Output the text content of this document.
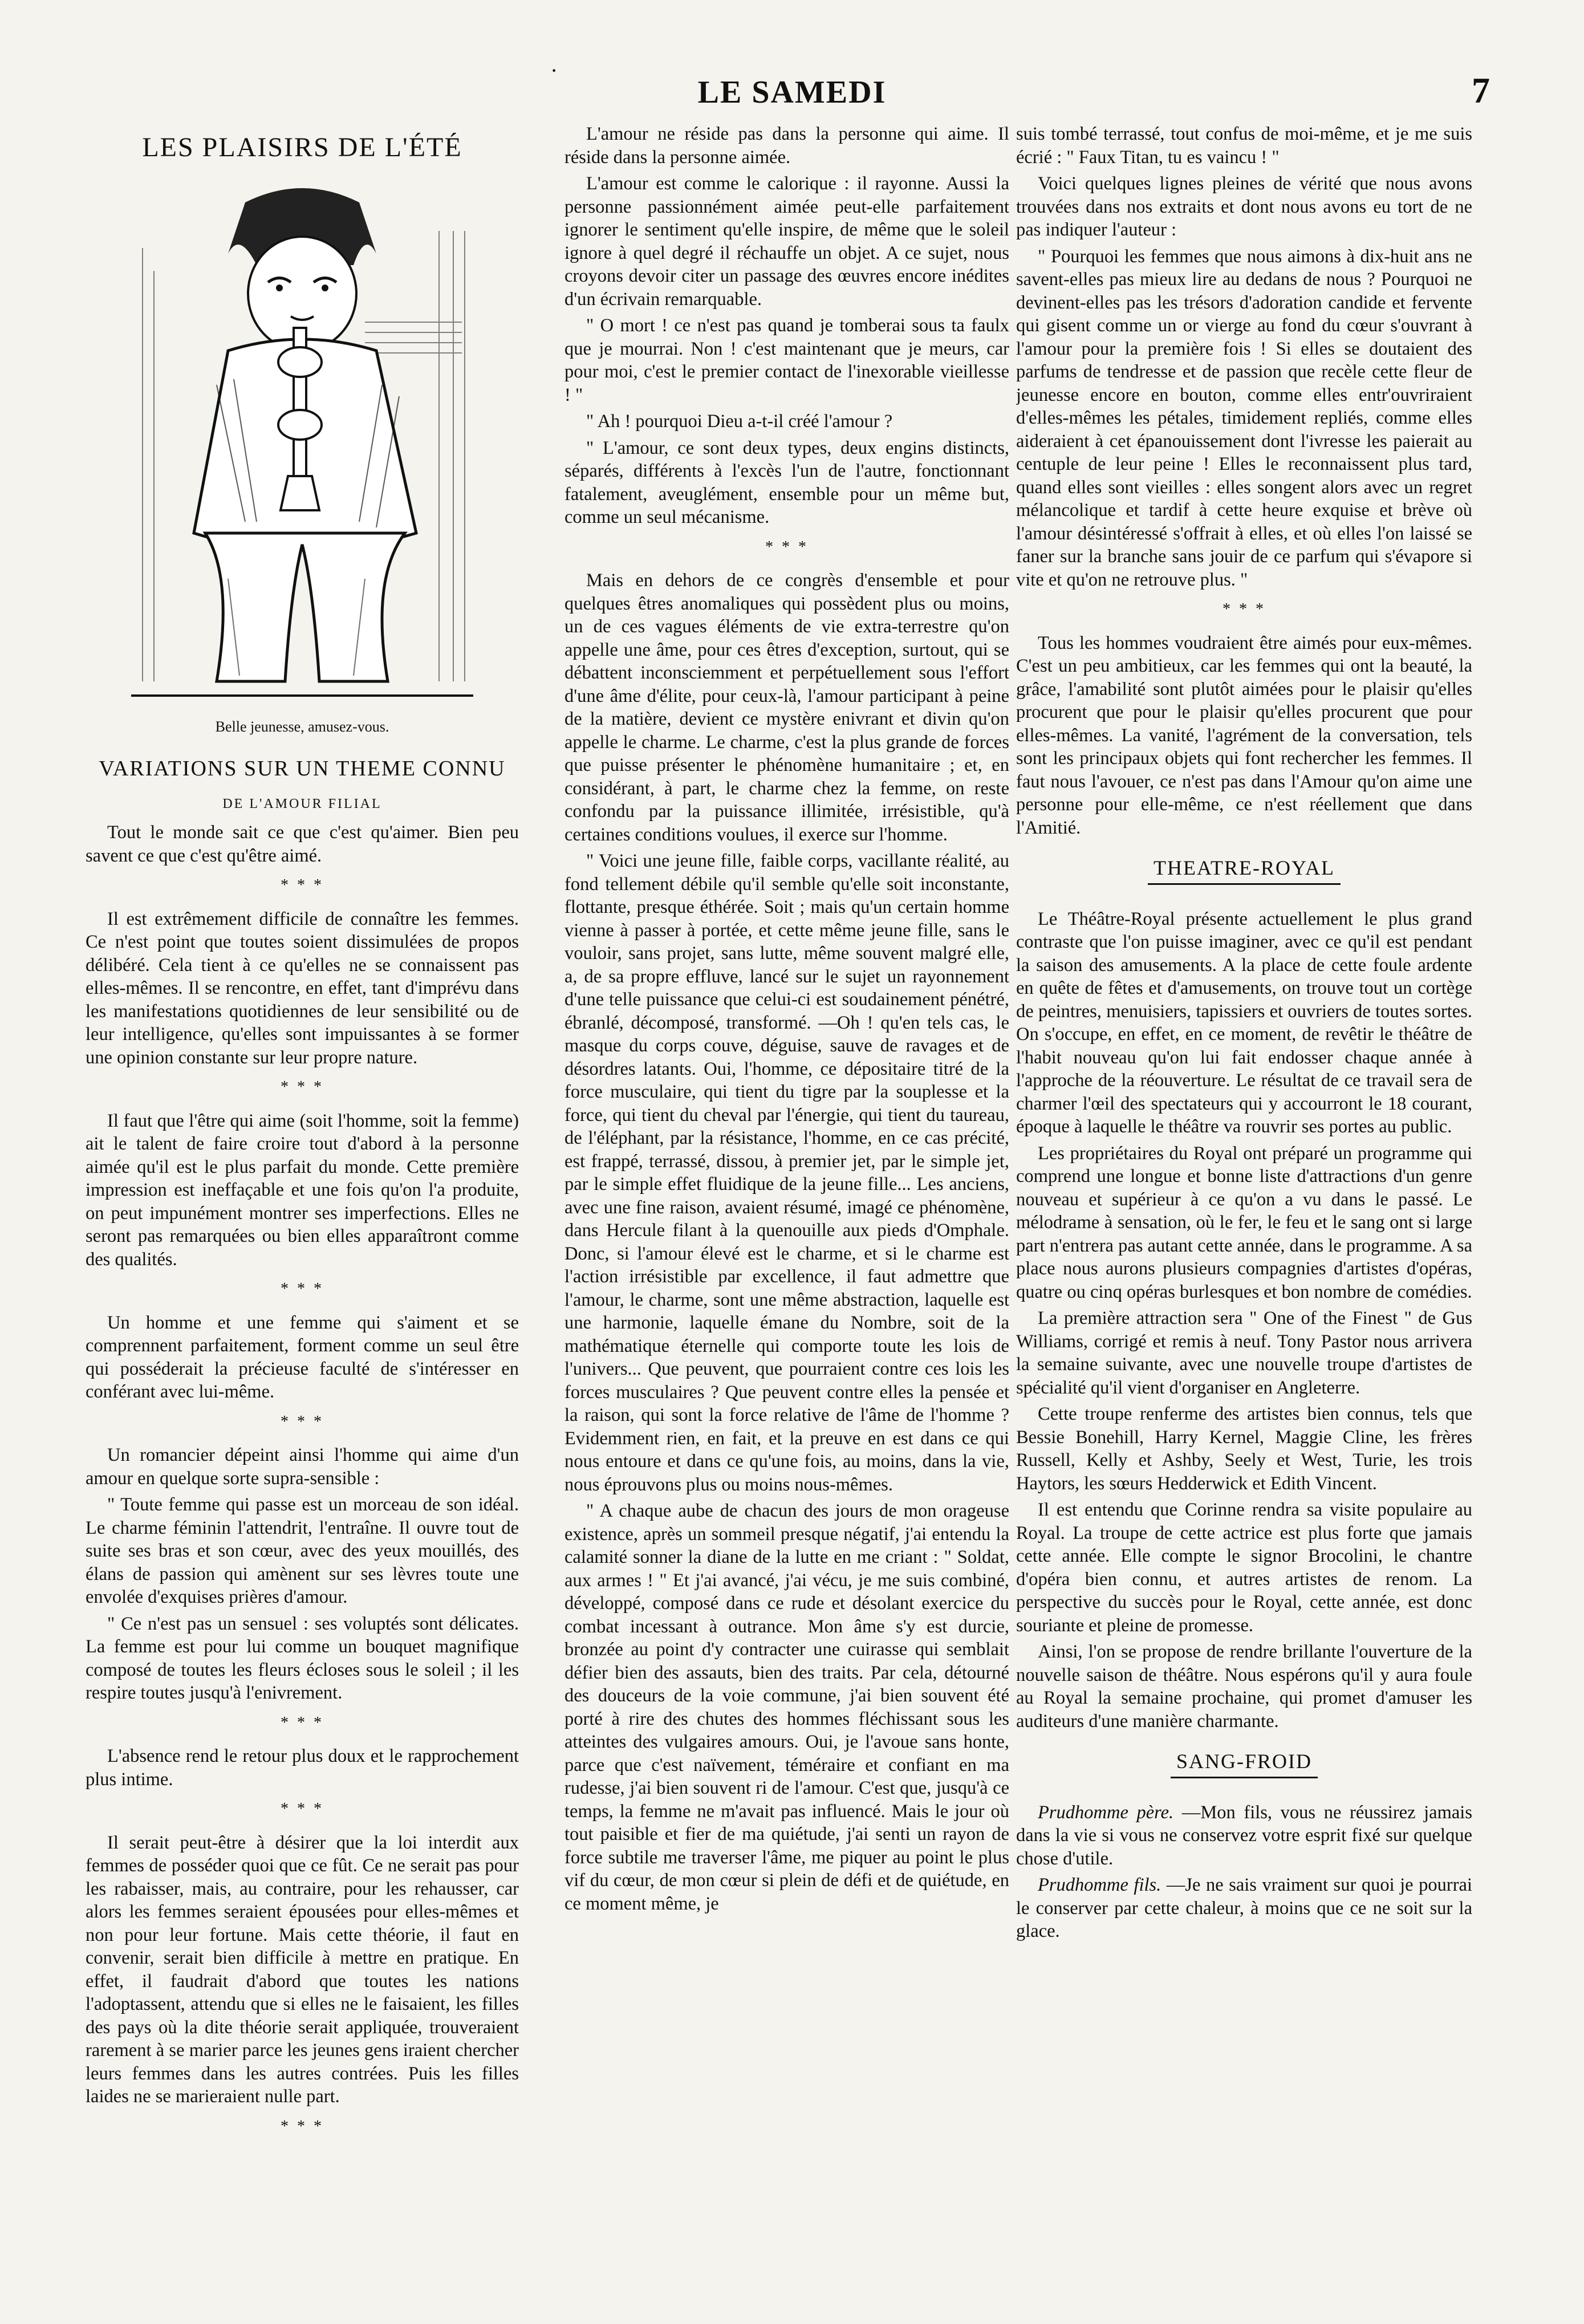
·
LE SAMEDI	7
LES PLAISIRS DE L'ÉTÉ
Belle jeunesse, amusez-vous.
VARIATIONS SUR UN THEME CONNU
DE L'AMOUR FILIAL

Tout le monde sait ce que c'est qu'aimer. Bien peu savent ce que c'est qu'être aimé.

* * *

Il est extrêmement difficile de connaître les femmes. Ce n'est point que toutes soient dissimulées de propos délibéré. Cela tient à ce qu'elles ne se connaissent pas elles-mêmes. Il se rencontre, en effet, tant d'imprévu dans les manifestations quotidiennes de leur sensibilité ou de leur intelligence, qu'elles sont impuissantes à se former une opinion constante sur leur propre nature.

* * *

Il faut que l'être qui aime (soit l'homme, soit la femme) ait le talent de faire croire tout d'abord à la personne aimée qu'il est le plus parfait du monde. Cette première impression est ineffaçable et une fois qu'on l'a produite, on peut impunément montrer ses imperfections. Elles ne seront pas remarquées ou bien elles apparaîtront comme des qualités.

* * *

Un homme et une femme qui s'aiment et se comprennent parfaitement, forment comme un seul être qui posséderait la précieuse faculté de s'intéresser en conférant avec lui-même.

* * *

Un romancier dépeint ainsi l'homme qui aime d'un amour en quelque sorte supra-sensible :

" Toute femme qui passe est un morceau de son idéal. Le charme féminin l'attendrit, l'entraîne. Il ouvre tout de suite ses bras et son cœur, avec des yeux mouillés, des élans de passion qui amènent sur ses lèvres toute une envolée d'exquises prières d'amour.

" Ce n'est pas un sensuel : ses voluptés sont délicates. La femme est pour lui comme un bouquet magnifique composé de toutes les fleurs écloses sous le soleil ; il les respire toutes jusqu'à l'enivrement.

* * *

L'absence rend le retour plus doux et le rapprochement plus intime.

* * *

Il serait peut-être à désirer que la loi interdit aux femmes de posséder quoi que ce fût. Ce ne serait pas pour les rabaisser, mais, au contraire, pour les rehausser, car alors les femmes seraient épousées pour elles-mêmes et non pour leur fortune. Mais cette théorie, il faut en convenir, serait bien difficile à mettre en pratique. En effet, il faudrait d'abord que toutes les nations l'adoptassent, attendu que si elles ne le faisaient, les filles des pays où la dite théorie serait appliquée, trouveraient rarement à se marier parce les jeunes gens iraient chercher leurs femmes dans les autres contrées. Puis les filles laides ne se marieraient nulle part.

* * *

L'amour ne réside pas dans la personne qui aime. Il réside dans la personne aimée.

L'amour est comme le calorique : il rayonne. Aussi la personne passionnément aimée peut-elle parfaitement ignorer le sentiment qu'elle inspire, de même que le soleil ignore à quel degré il réchauffe un objet. A ce sujet, nous croyons devoir citer un passage des œuvres encore inédites d'un écrivain remarquable.

" O mort ! ce n'est pas quand je tomberai sous ta faulx que je mourrai. Non ! c'est maintenant que je meurs, car pour moi, c'est le premier contact de l'inexorable vieillesse ! "

" Ah ! pourquoi Dieu a-t-il créé l'amour ?

" L'amour, ce sont deux types, deux engins distincts, séparés, différents à l'excès l'un de l'autre, fonctionnant fatalement, aveuglément, ensemble pour un même but, comme un seul mécanisme.

* * *

Mais en dehors de ce congrès d'ensemble et pour quelques êtres anomaliques qui possèdent plus ou moins, un de ces vagues éléments de vie extra-terrestre qu'on appelle une âme, pour ces êtres d'exception, surtout, qui se débattent inconsciemment et perpétuellement sous l'effort d'une âme d'élite, pour ceux-là, l'amour participant à peine de la matière, devient ce mystère enivrant et divin qu'on appelle le charme. Le charme, c'est la plus grande de forces que puisse présenter le phénomène humanitaire ; et, en considérant, à part, le charme chez la femme, on reste confondu par la puissance illimitée, irrésistible, qu'à certaines conditions voulues, il exerce sur l'homme.

" Voici une jeune fille, faible corps, vacillante réalité, au fond tellement débile qu'il semble qu'elle soit inconstante, flottante, presque éthérée. Soit ; mais qu'un certain homme vienne à passer à portée, et cette même jeune fille, sans le vouloir, sans projet, sans lutte, même souvent malgré elle, a, de sa propre effluve, lancé sur le sujet un rayonnement d'une telle puissance que celui-ci est soudainement pénétré, ébranlé, décomposé, transformé. —Oh ! qu'en tels cas, le masque du corps couve, déguise, sauve de ravages et de désordres latants. Oui, l'homme, ce dépositaire titré de la force musculaire, qui tient du tigre par la souplesse et la force, qui tient du cheval par l'énergie, qui tient du taureau, de l'éléphant, par la résistance, l'homme, en ce cas précité, est frappé, terrassé, dissou, à premier jet, par le simple jet, par le simple effet fluidique de la jeune fille... Les anciens, avec une fine raison, avaient résumé, imagé ce phénomène, dans Hercule filant à la quenouille aux pieds d'Omphale. Donc, si l'amour élevé est le charme, et si le charme est l'action irrésistible par excellence, il faut admettre que l'amour, le charme, sont une même abstraction, laquelle est une harmonie, laquelle émane du Nombre, soit de la mathématique éternelle qui comporte toute les lois de l'univers... Que peuvent, que pourraient contre ces lois les forces musculaires ? Que peuvent contre elles la pensée et la raison, qui sont la force relative de l'âme de l'homme ? Evidemment rien, en fait, et la preuve en est dans ce qui nous entoure et dans ce qu'une fois, au moins, dans la vie, nous éprouvons plus ou moins nous-mêmes.

" A chaque aube de chacun des jours de mon orageuse existence, après un sommeil presque négatif, j'ai entendu la calamité sonner la diane de la lutte en me criant : " Soldat, aux armes ! " Et j'ai avancé, j'ai vécu, je me suis combiné, développé, composé dans ce rude et désolant exercice du combat incessant à outrance. Mon âme s'y est durcie, bronzée au point d'y contracter une cuirasse qui semblait défier bien des assauts, bien des traits. Par cela, détourné des douceurs de la voie commune, j'ai bien souvent été porté à rire des chutes des hommes fléchissant sous les atteintes des vulgaires amours. Oui, je l'avoue sans honte, parce que c'est naïvement, téméraire et confiant en ma rudesse, j'ai bien souvent ri de l'amour. C'est que, jusqu'à ce temps, la femme ne m'avait pas influencé. Mais le jour où tout paisible et fier de ma quiétude, j'ai senti un rayon de force subtile me traverser l'âme, me piquer au point le plus vif du cœur, de mon cœur si plein de défi et de quiétude, en ce moment même, je

suis tombé terrassé, tout confus de moi-même, et je me suis écrié : " Faux Titan, tu es vaincu ! "

Voici quelques lignes pleines de vérité que nous avons trouvées dans nos extraits et dont nous avons eu tort de ne pas indiquer l'auteur :

" Pourquoi les femmes que nous aimons à dix-huit ans ne savent-elles pas mieux lire au dedans de nous ? Pourquoi ne devinent-elles pas les trésors d'adoration candide et fervente qui gisent comme un or vierge au fond du cœur s'ouvrant à l'amour pour la première fois ! Si elles se doutaient des parfums de tendresse et de passion que recèle cette fleur de jeunesse encore en bouton, comme elles entr'ouvriraient d'elles-mêmes les pétales, timidement repliés, comme elles aideraient à cet épanouissement dont l'ivresse les paierait au centuple de leur peine ! Elles le reconnaissent plus tard, quand elles sont vieilles : elles songent alors avec un regret mélancolique et tardif à cette heure exquise et brève où l'amour désintéressé s'offrait à elles, et où elles l'on laissé se faner sur la branche sans jouir de ce parfum qui s'évapore si vite et qu'on ne retrouve plus. "

* * *

Tous les hommes voudraient être aimés pour eux-mêmes. C'est un peu ambitieux, car les femmes qui ont la beauté, la grâce, l'amabilité sont plutôt aimées pour le plaisir qu'elles procurent que pour le plaisir qu'elles procurent que pour elles-mêmes. La vanité, l'agrément de la conversation, tels sont les principaux objets qui font rechercher les femmes. Il faut nous l'avouer, ce n'est pas dans l'Amour qu'on aime une personne pour elle-même, ce n'est réellement que dans l'Amitié.

THEATRE-ROYAL

Le Théâtre-Royal présente actuellement le plus grand contraste que l'on puisse imaginer, avec ce qu'il est pendant la saison des amusements. A la place de cette foule ardente en quête de fêtes et d'amusements, on trouve tout un cortège de peintres, menuisiers, tapissiers et ouvriers de toutes sortes. On s'occupe, en effet, en ce moment, de revêtir le théâtre de l'habit nouveau qu'on lui fait endosser chaque année à l'approche de la réouverture. Le résultat de ce travail sera de charmer l'œil des spectateurs qui y accourront le 18 courant, époque à laquelle le théâtre va rouvrir ses portes au public.

Les propriétaires du Royal ont préparé un programme qui comprend une longue et bonne liste d'attractions d'un genre nouveau et supérieur à ce qu'on a vu dans le passé. Le mélodrame à sensation, où le fer, le feu et le sang ont si large part n'entrera pas autant cette année, dans le programme. A sa place nous aurons plusieurs compagnies d'artistes d'opéras, quatre ou cinq opéras burlesques et bon nombre de comédies.

La première attraction sera " One of the Finest " de Gus Williams, corrigé et remis à neuf. Tony Pastor nous arrivera la semaine suivante, avec une nouvelle troupe d'artistes de spécialité qu'il vient d'organiser en Angleterre.

Cette troupe renferme des artistes bien connus, tels que Bessie Bonehill, Harry Kernel, Maggie Cline, les frères Russell, Kelly et Ashby, Seely et West, Turie, les trois Haytors, les sœurs Hedderwick et Edith Vincent.

Il est entendu que Corinne rendra sa visite populaire au Royal. La troupe de cette actrice est plus forte que jamais cette année. Elle compte le signor Brocolini, le chantre d'opéra bien connu, et autres artistes de renom. La perspective du succès pour le Royal, cette année, est donc souriante et pleine de promesse.

Ainsi, l'on se propose de rendre brillante l'ouverture de la nouvelle saison de théâtre. Nous espérons qu'il y aura foule au Royal la semaine prochaine, qui promet d'amuser les auditeurs d'une manière charmante.

SANG-FROID

Prudhomme père. —Mon fils, vous ne réussirez jamais dans la vie si vous ne conservez votre esprit fixé sur quelque chose d'utile.

Prudhomme fils. —Je ne sais vraiment sur quoi je pourrai le conserver par cette chaleur, à moins que ce ne soit sur la glace.
